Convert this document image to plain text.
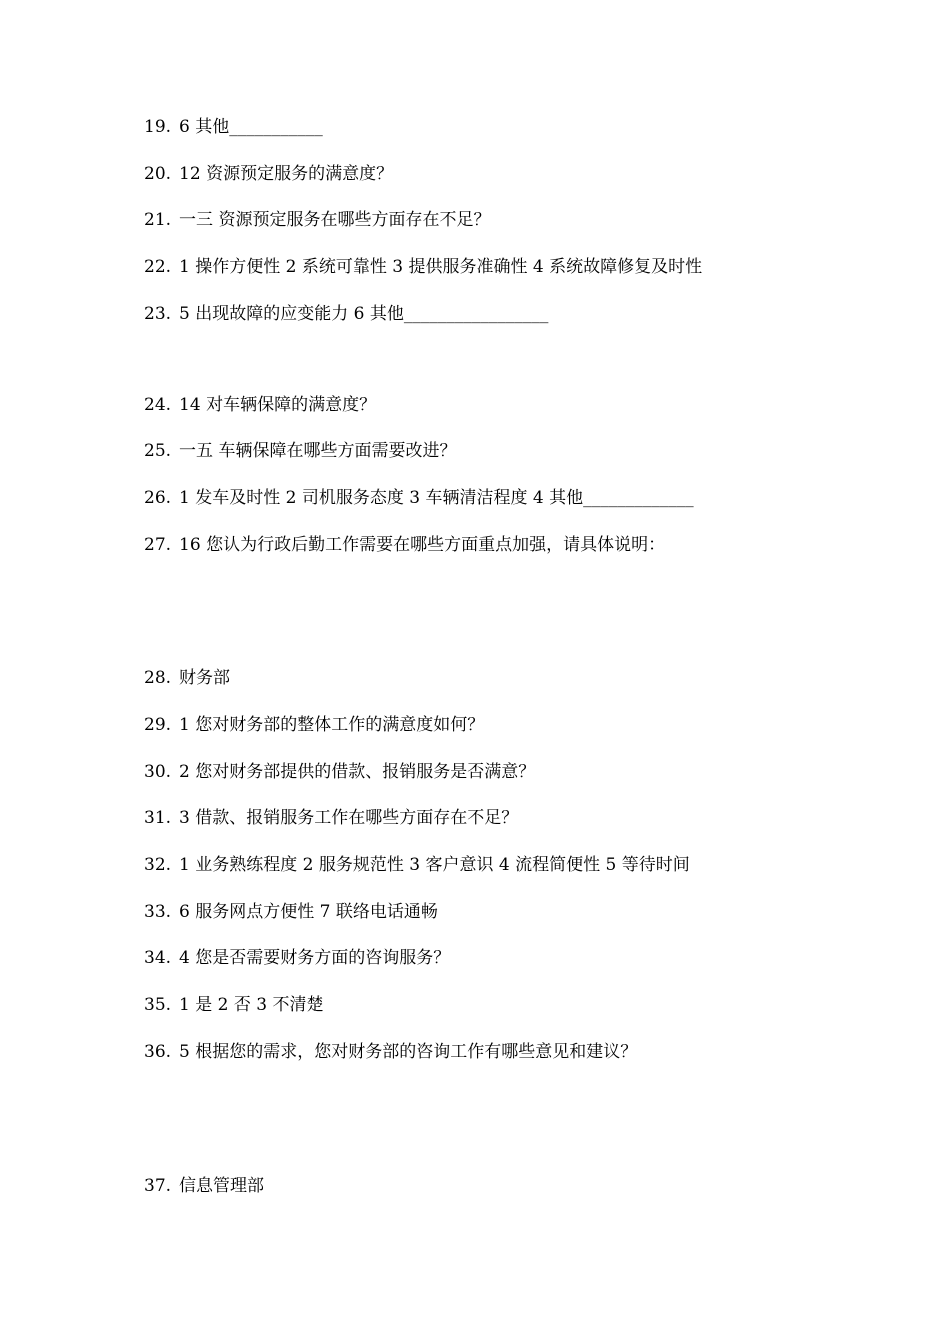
19. 6 其他___________
20. 12 资源预定服务的满意度？
21. 一三 资源预定服务在哪些方面存在不足？
22. 1 操作方便性 2 系统可靠性 3 提供服务准确性 4 系统故障修复及时性
23. 5 出现故障的应变能力 6 其他_________________
24. 14 对车辆保障的满意度？
25. 一五 车辆保障在哪些方面需要改进？
26. 1 发车及时性 2 司机服务态度 3 车辆清洁程度 4 其他_____________
27. 16 您认为行政后勤工作需要在哪些方面重点加强，请具体说明：
28. 财务部
29. 1 您对财务部的整体工作的满意度如何？
30. 2 您对财务部提供的借款、报销服务是否满意？
31. 3 借款、报销服务工作在哪些方面存在不足？
32. 1 业务熟练程度 2 服务规范性 3 客户意识 4 流程简便性 5 等待时间
33. 6 服务网点方便性 7 联络电话通畅
34. 4 您是否需要财务方面的咨询服务？
35. 1 是 2 否 3 不清楚
36. 5 根据您的需求，您对财务部的咨询工作有哪些意见和建议？
37. 信息管理部
